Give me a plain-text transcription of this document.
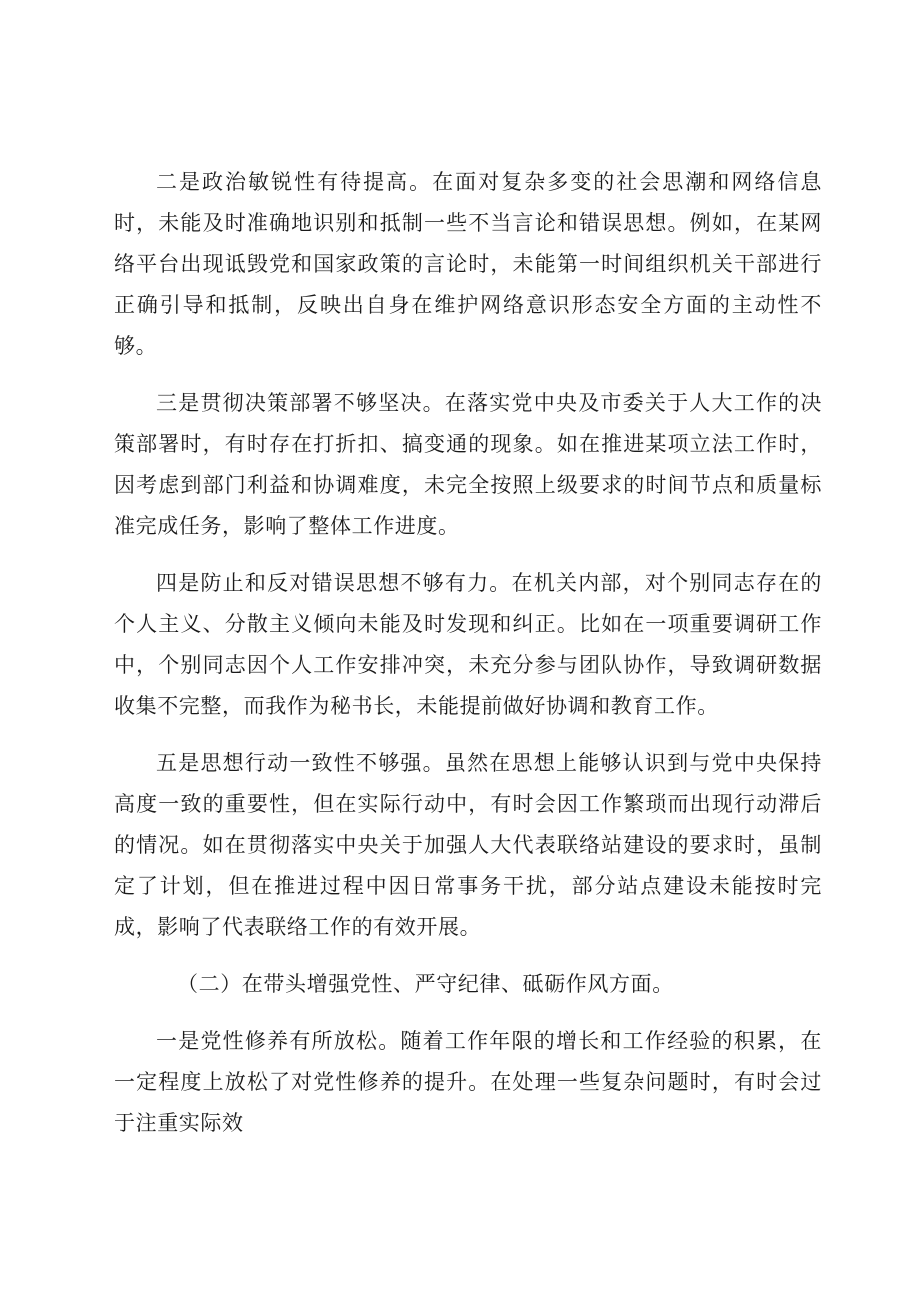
二是政治敏锐性有待提高。在面对复杂多变的社会思潮和网络信息时，未能及时准确地识别和抵制一些不当言论和错误思想。例如，在某网络平台出现诋毁党和国家政策的言论时，未能第一时间组织机关干部进行正确引导和抵制，反映出自身在维护网络意识形态安全方面的主动性不够。

三是贯彻决策部署不够坚决。在落实党中央及市委关于人大工作的决策部署时，有时存在打折扣、搞变通的现象。如在推进某项立法工作时，因考虑到部门利益和协调难度，未完全按照上级要求的时间节点和质量标准完成任务，影响了整体工作进度。

四是防止和反对错误思想不够有力。在机关内部，对个别同志存在的个人主义、分散主义倾向未能及时发现和纠正。比如在一项重要调研工作中，个别同志因个人工作安排冲突，未充分参与团队协作，导致调研数据收集不完整，而我作为秘书长，未能提前做好协调和教育工作。

五是思想行动一致性不够强。虽然在思想上能够认识到与党中央保持高度一致的重要性，但在实际行动中，有时会因工作繁琐而出现行动滞后的情况。如在贯彻落实中央关于加强人大代表联络站建设的要求时，虽制定了计划，但在推进过程中因日常事务干扰，部分站点建设未能按时完成，影响了代表联络工作的有效开展。

（二）在带头增强党性、严守纪律、砥砺作风方面。

一是党性修养有所放松。随着工作年限的增长和工作经验的积累，在一定程度上放松了对党性修养的提升。在处理一些复杂问题时，有时会过于注重实际效
